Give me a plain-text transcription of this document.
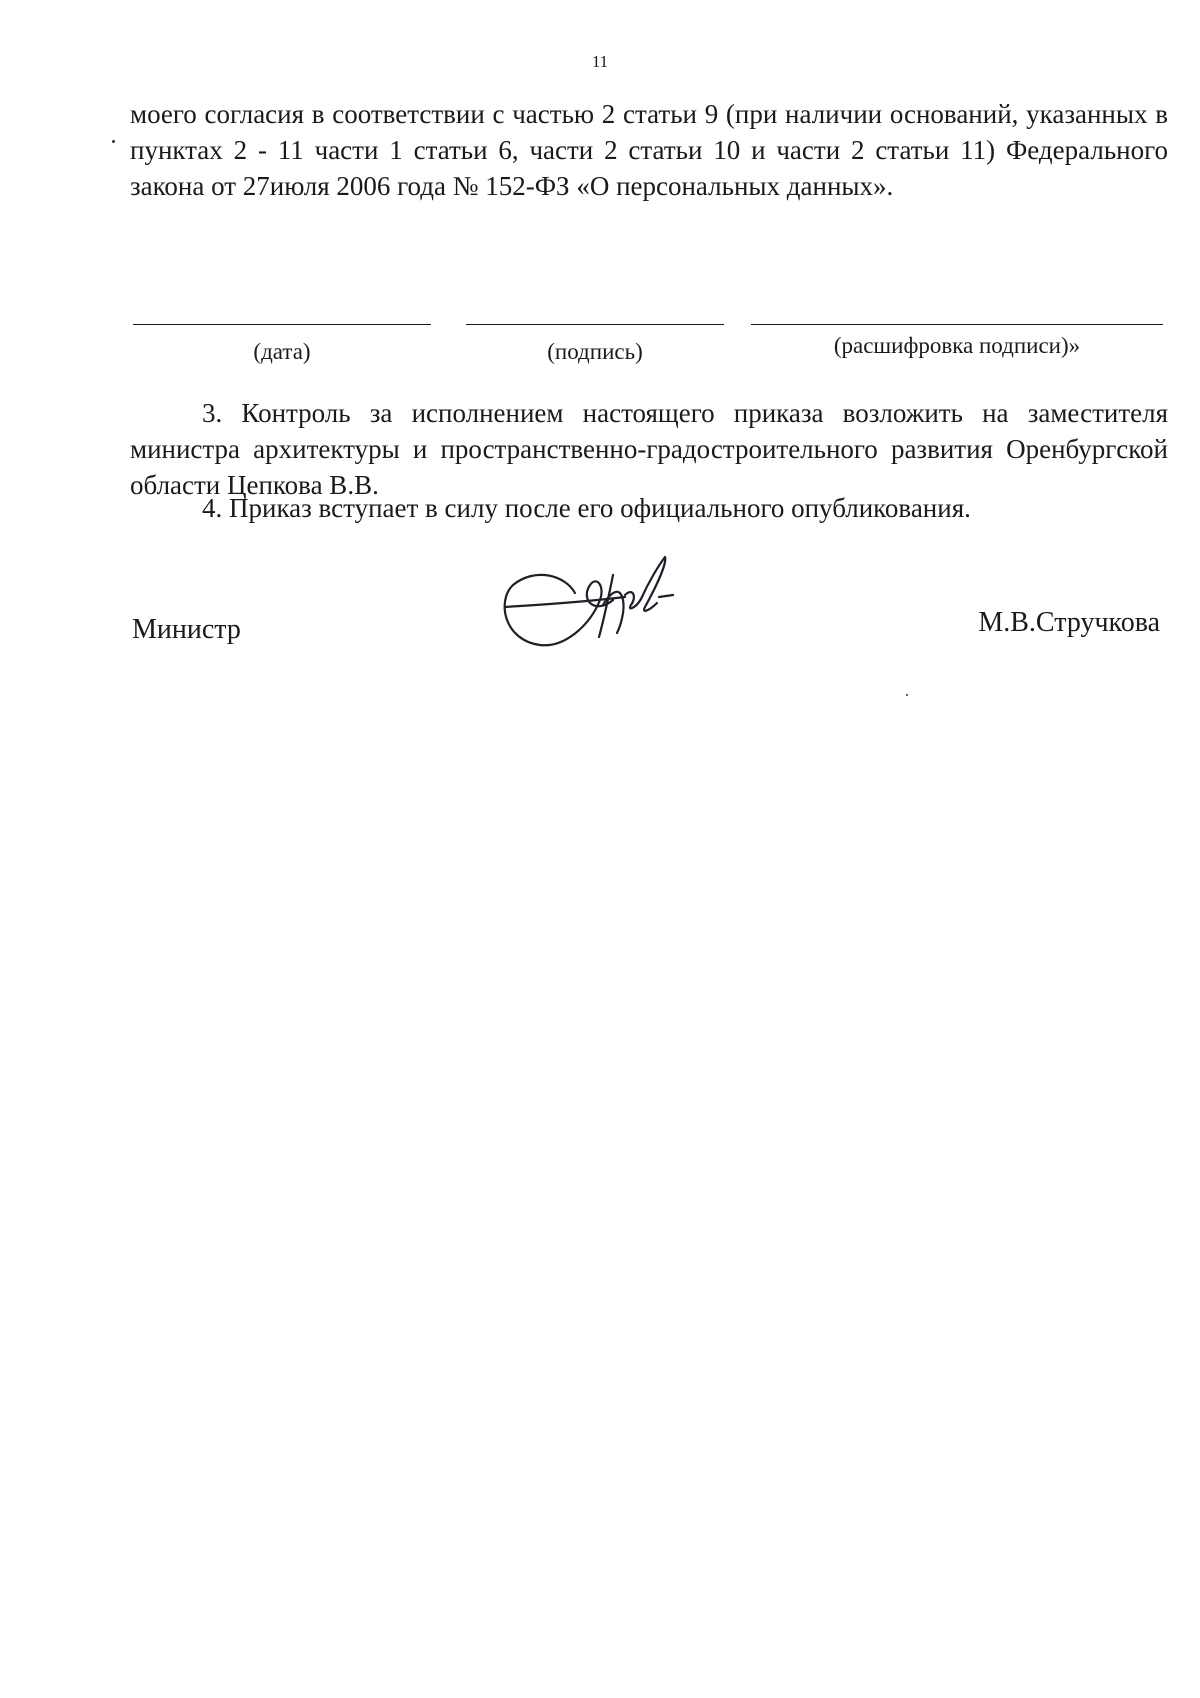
11
моего согласия в соответствии с частью 2 статьи 9 (при наличии оснований, указанных в пунктах 2 - 11 части 1 статьи 6, части 2 статьи 10 и части 2 статьи 11) Федерального закона от 27июля 2006 года № 152-ФЗ «О персональных данных».
(дата)	(подпись)	(расшифровка подписи)»
3. Контроль за исполнением настоящего приказа возложить на заместителя министра архитектуры и пространственно-градостроительного развития Оренбургской области Цепкова В.В.
4. Приказ вступает в силу после его официального опубликования.
Министр	М.В.Стручкова
